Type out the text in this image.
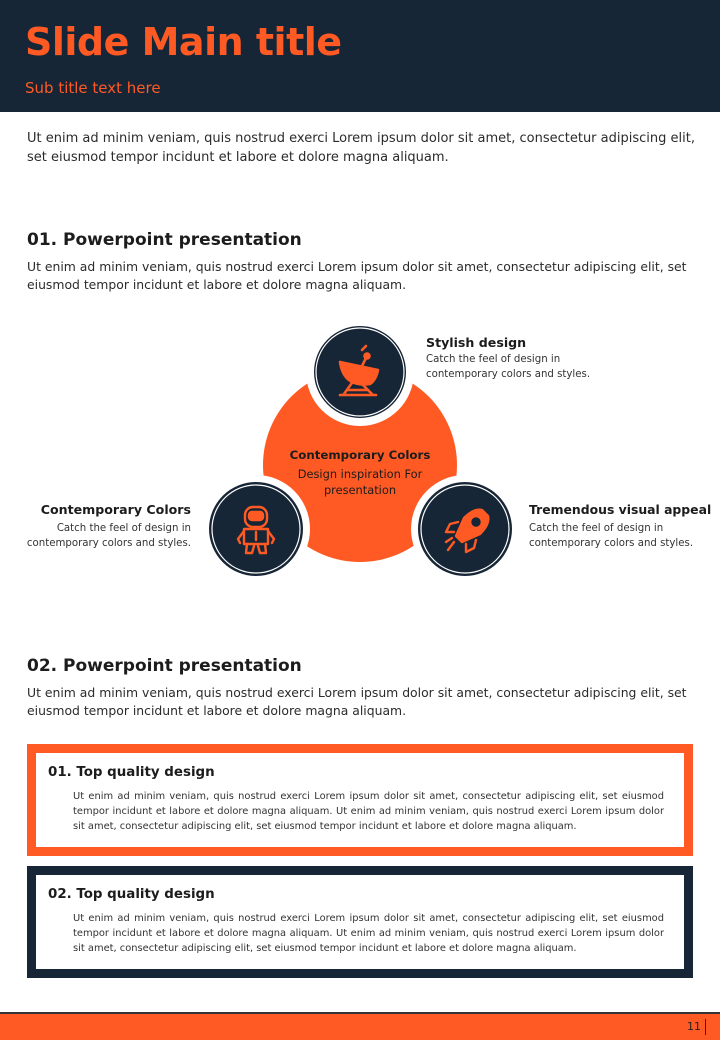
Slide Main title
Sub title text here
Ut enim ad minim veniam, quis nostrud exerci Lorem ipsum dolor sit amet, consectetur adipiscing elit, set eiusmod tempor incidunt et labore et dolore magna aliquam.
01. Powerpoint presentation
Ut enim ad minim veniam, quis nostrud exerci Lorem ipsum dolor sit amet, consectetur adipiscing elit, set eiusmod tempor incidunt et labore et dolore magna aliquam.
Contemporary Colors
Design inspiration For
presentation
Stylish design
Catch the feel of design in
contemporary colors and styles.
Contemporary Colors
Catch the feel of design in
contemporary colors and styles.
Tremendous visual appeal
Catch the feel of design in
contemporary colors and styles.
02. Powerpoint presentation
Ut enim ad minim veniam, quis nostrud exerci Lorem ipsum dolor sit amet, consectetur adipiscing elit, set eiusmod tempor incidunt et labore et dolore magna aliquam.
01. Top quality design
Ut enim ad minim veniam, quis nostrud exerci Lorem ipsum dolor sit amet, consectetur adipiscing elit, set eiusmod tempor incidunt et labore et dolore magna aliquam. Ut enim ad minim veniam, quis nostrud exerci Lorem ipsum dolor sit amet, consectetur adipiscing elit, set eiusmod tempor incidunt et labore et dolore magna aliquam.
02. Top quality design
Ut enim ad minim veniam, quis nostrud exerci Lorem ipsum dolor sit amet, consectetur adipiscing elit, set eiusmod tempor incidunt et labore et dolore magna aliquam. Ut enim ad minim veniam, quis nostrud exerci Lorem ipsum dolor sit amet, consectetur adipiscing elit, set eiusmod tempor incidunt et labore et dolore magna aliquam.
11
